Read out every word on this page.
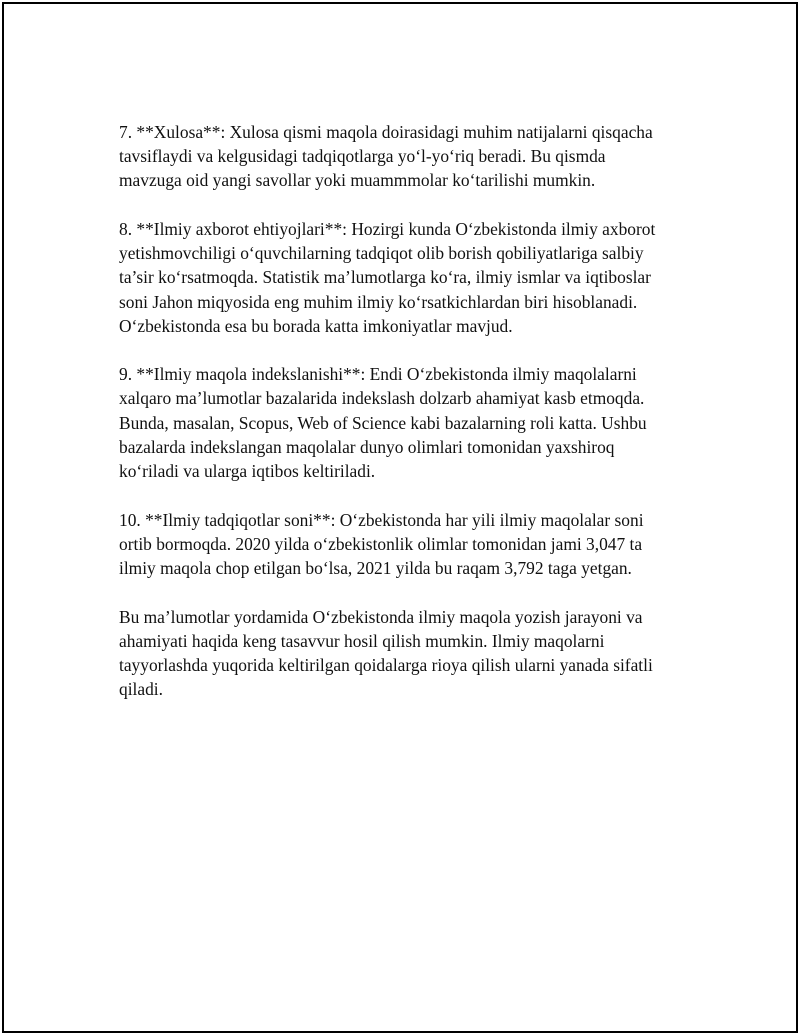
7. **Xulosa**: Xulosa qismi maqola doirasidagi muhim natijalarni qisqacha
tavsiflaydi va kelgusidagi tadqiqotlarga yo‘l-yo‘riq beradi. Bu qismda
mavzuga oid yangi savollar yoki muammmolar ko‘tarilishi mumkin.

8. **Ilmiy axborot ehtiyojlari**: Hozirgi kunda O‘zbekistonda ilmiy axborot
yetishmovchiligi o‘quvchilarning tadqiqot olib borish qobiliyatlariga salbiy
ta’sir ko‘rsatmoqda. Statistik ma’lumotlarga ko‘ra, ilmiy ismlar va iqtiboslar
soni Jahon miqyosida eng muhim ilmiy ko‘rsatkichlardan biri hisoblanadi.
O‘zbekistonda esa bu borada katta imkoniyatlar mavjud.

9. **Ilmiy maqola indekslanishi**: Endi O‘zbekistonda ilmiy maqolalarni
xalqaro ma’lumotlar bazalarida indekslash dolzarb ahamiyat kasb etmoqda.
Bunda, masalan, Scopus, Web of Science kabi bazalarning roli katta. Ushbu
bazalarda indekslangan maqolalar dunyo olimlari tomonidan yaxshiroq
ko‘riladi va ularga iqtibos keltiriladi.

10. **Ilmiy tadqiqotlar soni**: O‘zbekistonda har yili ilmiy maqolalar soni
ortib bormoqda. 2020 yilda o‘zbekistonlik olimlar tomonidan jami 3,047 ta
ilmiy maqola chop etilgan bo‘lsa, 2021 yilda bu raqam 3,792 taga yetgan.

Bu ma’lumotlar yordamida O‘zbekistonda ilmiy maqola yozish jarayoni va
ahamiyati haqida keng tasavvur hosil qilish mumkin. Ilmiy maqolarni
tayyorlashda yuqorida keltirilgan qoidalarga rioya qilish ularni yanada sifatli
qiladi.
